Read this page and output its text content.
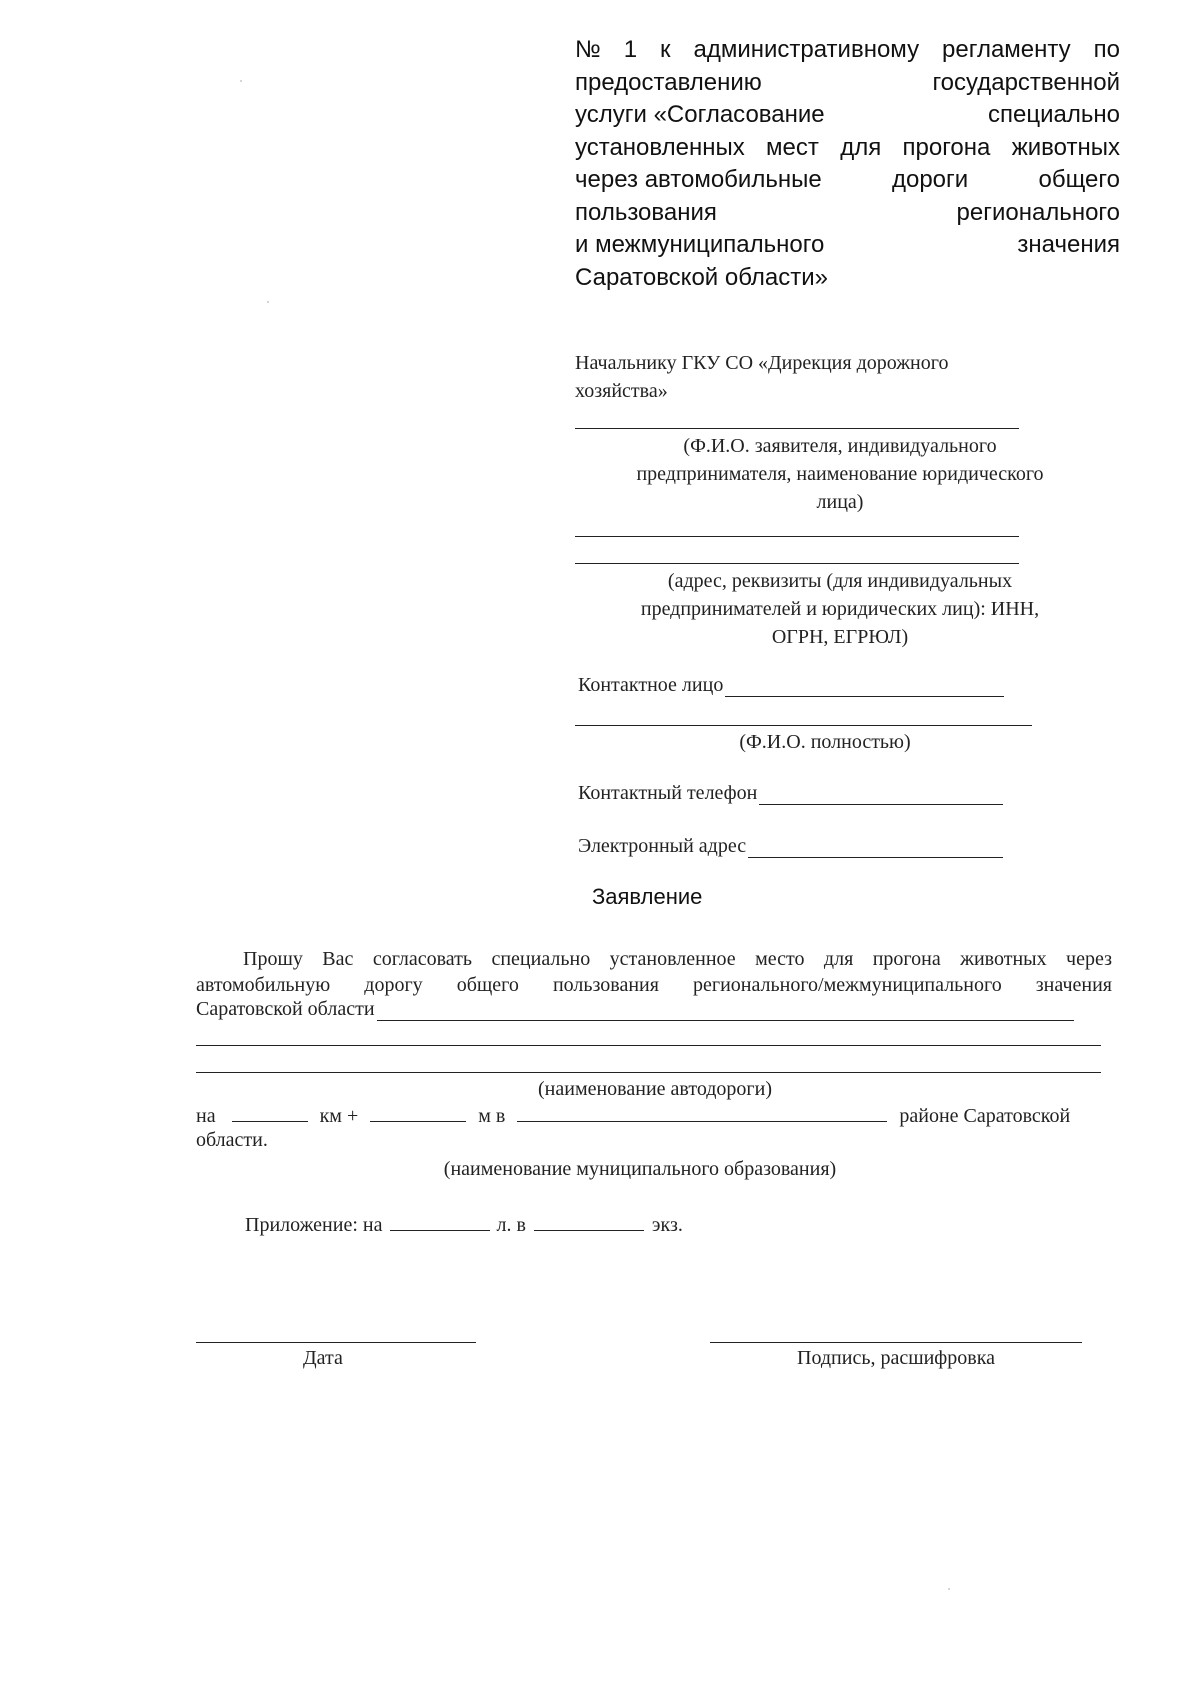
№ 1 к административному регламенту по
предоставлению	государственной
услуги «Согласование	специально
установленных мест для прогона животных
через автомобильные	дороги	общего
пользования	регионального
и межмуниципального	значения
Саратовской области»
Начальнику ГКУ СО «Дирекция дорожного
хозяйства»
(Ф.И.О. заявителя, индивидуального
предпринимателя, наименование юридического
лица)
(адрес, реквизиты (для индивидуальных
предпринимателей и юридических лиц): ИНН,
ОГРН, ЕГРЮЛ)
Контактное лицо
(Ф.И.О. полностью)
Контактный телефон
Электронный адрес
Заявление
Прошу Вас согласовать специально установленное место для прогона животных через
автомобильную дорогу общего пользования регионального/межмуниципального значения
Саратовской области
(наименование автодороги)
на	км +	м в	районе Саратовской
области.
(наименование муниципального образования)
Приложение: на	л. в	экз.
Дата	Подпись, расшифровка
